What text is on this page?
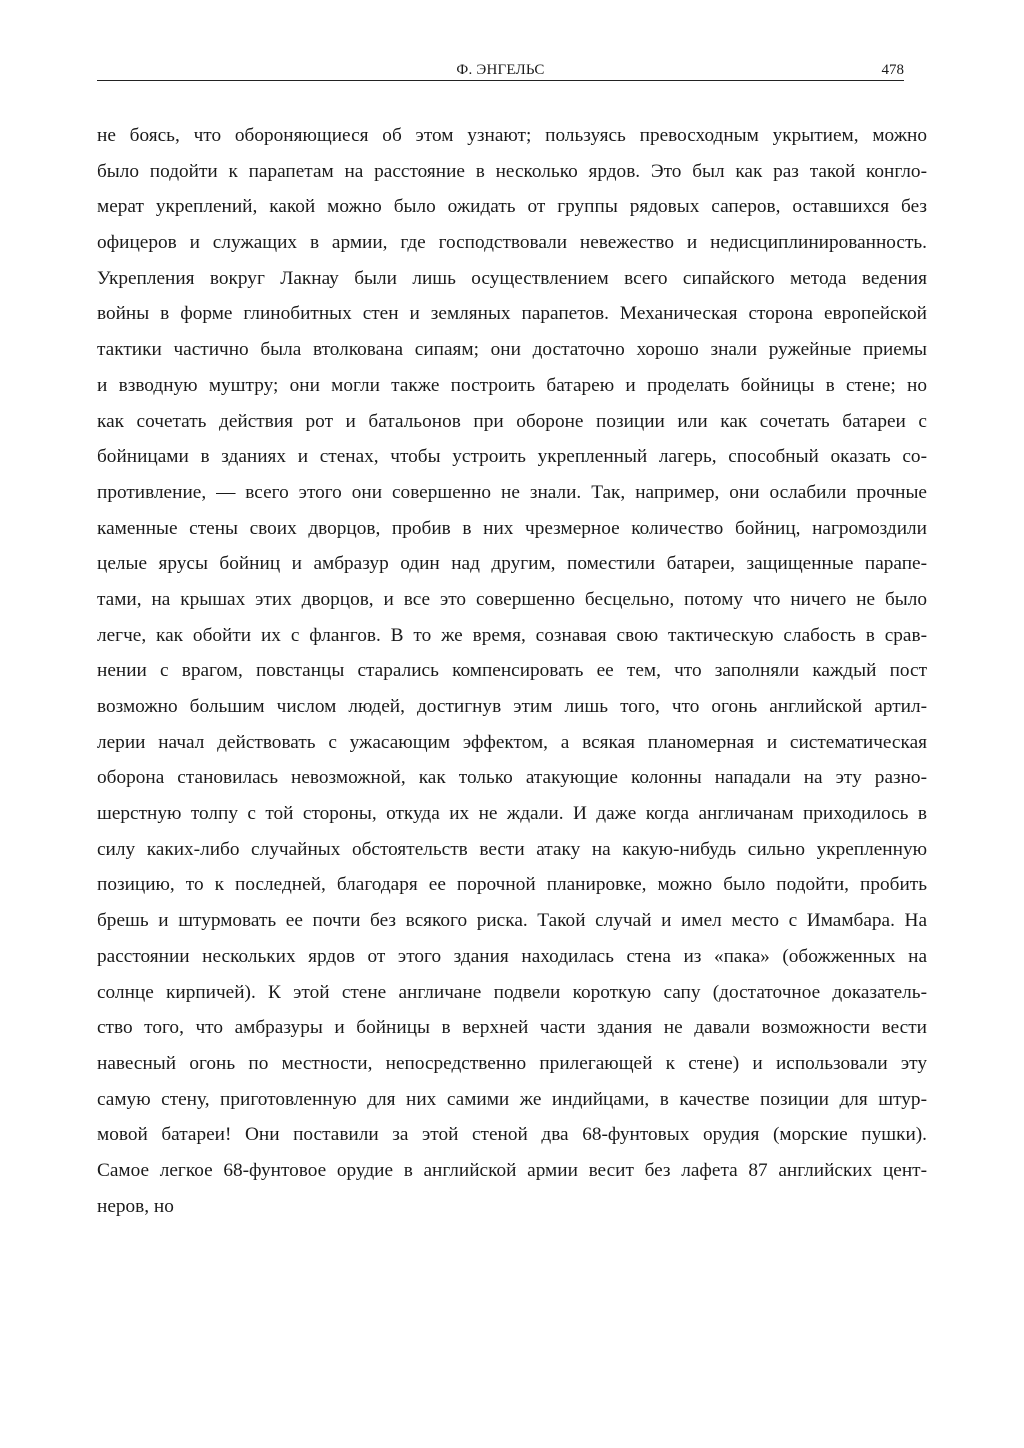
Ф. ЭНГЕЛЬС	478
не боясь, что обороняющиеся об этом узнают; пользуясь превосходным укрытием, можно
было подойти к парапетам на расстояние в несколько ярдов. Это был как раз такой конгло-
мерат укреплений, какой можно было ожидать от группы рядовых саперов, оставшихся без
офицеров и служащих в армии, где господствовали невежество и недисциплинированность.
Укрепления вокруг Лакнау были лишь осуществлением всего сипайского метода ведения
войны в форме глинобитных стен и земляных парапетов. Механическая сторона европейской
тактики частично была втолкована сипаям; они достаточно хорошо знали ружейные приемы
и взводную муштру; они могли также построить батарею и проделать бойницы в стене; но
как сочетать действия рот и батальонов при обороне позиции или как сочетать батареи с
бойницами в зданиях и стенах, чтобы устроить укрепленный лагерь, способный оказать со-
противление, — всего этого они совершенно не знали. Так, например, они ослабили прочные
каменные стены своих дворцов, пробив в них чрезмерное количество бойниц, нагромоздили
целые ярусы бойниц и амбразур один над другим, поместили батареи, защищенные парапе-
тами, на крышах этих дворцов, и все это совершенно бесцельно, потому что ничего не было
легче, как обойти их с флангов. В то же время, сознавая свою тактическую слабость в срав-
нении с врагом, повстанцы старались компенсировать ее тем, что заполняли каждый пост
возможно большим числом людей, достигнув этим лишь того, что огонь английской артил-
лерии начал действовать с ужасающим эффектом, а всякая планомерная и систематическая
оборона становилась невозможной, как только атакующие колонны нападали на эту разно-
шерстную толпу с той стороны, откуда их не ждали. И даже когда англичанам приходилось в
силу каких-либо случайных обстоятельств вести атаку на какую-нибудь сильно укрепленную
позицию, то к последней, благодаря ее порочной планировке, можно было подойти, пробить
брешь и штурмовать ее почти без всякого риска. Такой случай и имел место с Имамбара. На
расстоянии нескольких ярдов от этого здания находилась стена из «пака» (обожженных на
солнце кирпичей). К этой стене англичане подвели короткую сапу (достаточное доказатель-
ство того, что амбразуры и бойницы в верхней части здания не давали возможности вести
навесный огонь по местности, непосредственно прилегающей к стене) и использовали эту
самую стену, приготовленную для них самими же индийцами, в качестве позиции для штур-
мовой батареи! Они поставили за этой стеной два 68-фунтовых орудия (морские пушки).
Самое легкое 68-фунтовое орудие в английской армии весит без лафета 87 английских цент-
неров, но
